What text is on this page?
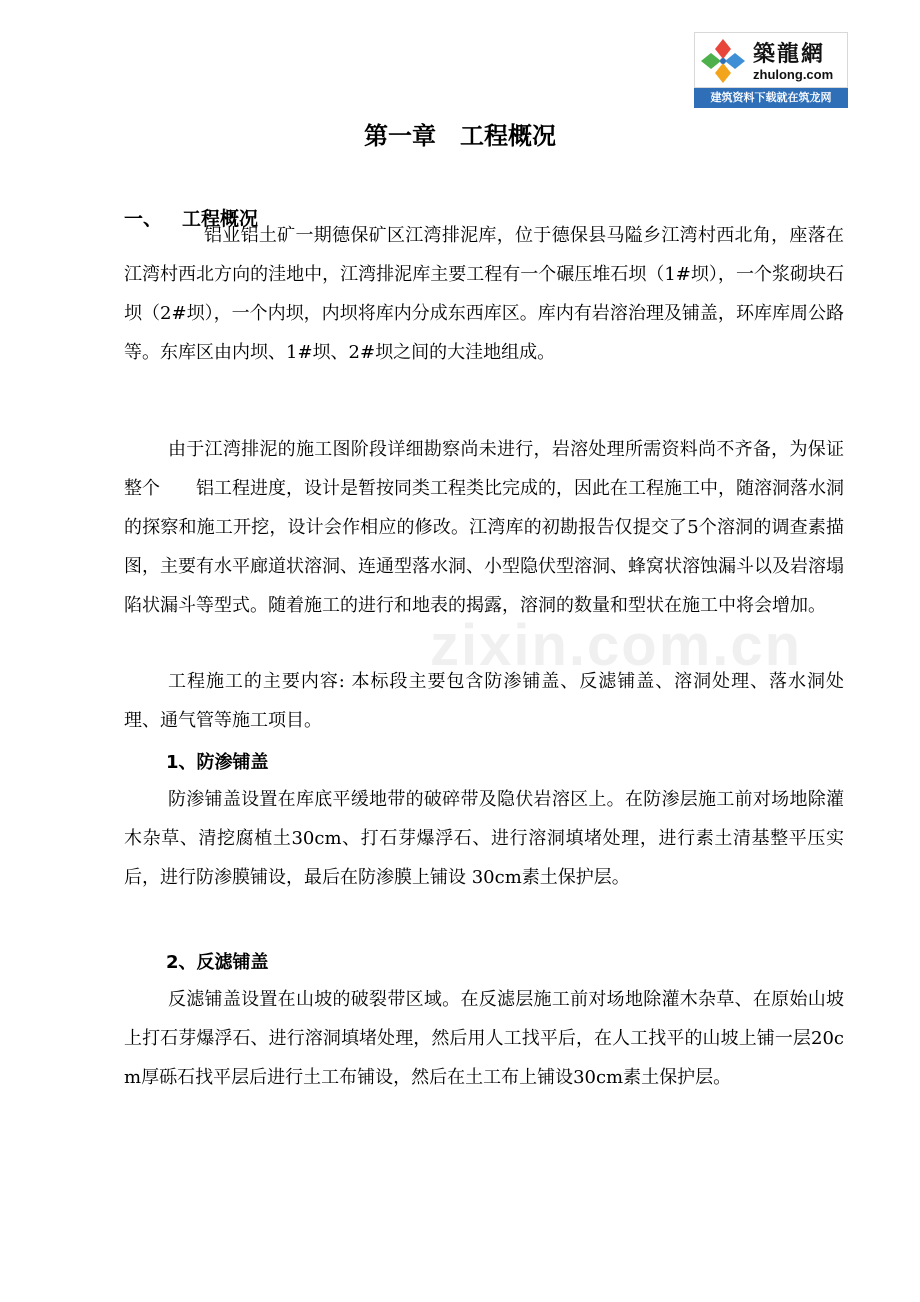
築龍網
zhulong.com
建筑资料下载就在筑龙网
zixin.com.cn
第一章　工程概况
一、 工程概况
铝业铝土矿一期德保矿区江湾排泥库，位于德保县马隘乡江湾村西北角，座落在江湾村西北方向的洼地中，江湾排泥库主要工程有一个碾压堆石坝（1#坝），一个浆砌块石坝（2#坝），一个内坝，内坝将库内分成东西库区。库内有岩溶治理及铺盖，环库库周公路等。东库区由内坝、1#坝、2#坝之间的大洼地组成。
由于江湾排泥的施工图阶段详细勘察尚未进行，岩溶处理所需资料尚不齐备，为保证整个　　铝工程进度，设计是暂按同类工程类比完成的，因此在工程施工中，随溶洞落水洞的探察和施工开挖，设计会作相应的修改。江湾库的初勘报告仅提交了5个溶洞的调查素描图，主要有水平廊道状溶洞、连通型落水洞、小型隐伏型溶洞、蜂窝状溶蚀漏斗以及岩溶塌陷状漏斗等型式。随着施工的进行和地表的揭露，溶洞的数量和型状在施工中将会增加。
工程施工的主要内容: 本标段主要包含防渗铺盖、反滤铺盖、溶洞处理、落水洞处理、通气管等施工项目。
1、防渗铺盖
防渗铺盖设置在库底平缓地带的破碎带及隐伏岩溶区上。在防渗层施工前对场地除灌木杂草、清挖腐植土30cm、打石芽爆浮石、进行溶洞填堵处理，进行素土清基整平压实后，进行防渗膜铺设，最后在防渗膜上铺设 30cm素土保护层。
2、反滤铺盖
反滤铺盖设置在山坡的破裂带区域。在反滤层施工前对场地除灌木杂草、在原始山坡上打石芽爆浮石、进行溶洞填堵处理，然后用人工找平后，在人工找平的山坡上铺一层20cm厚砾石找平层后进行土工布铺设，然后在土工布上铺设30cm素土保护层。
